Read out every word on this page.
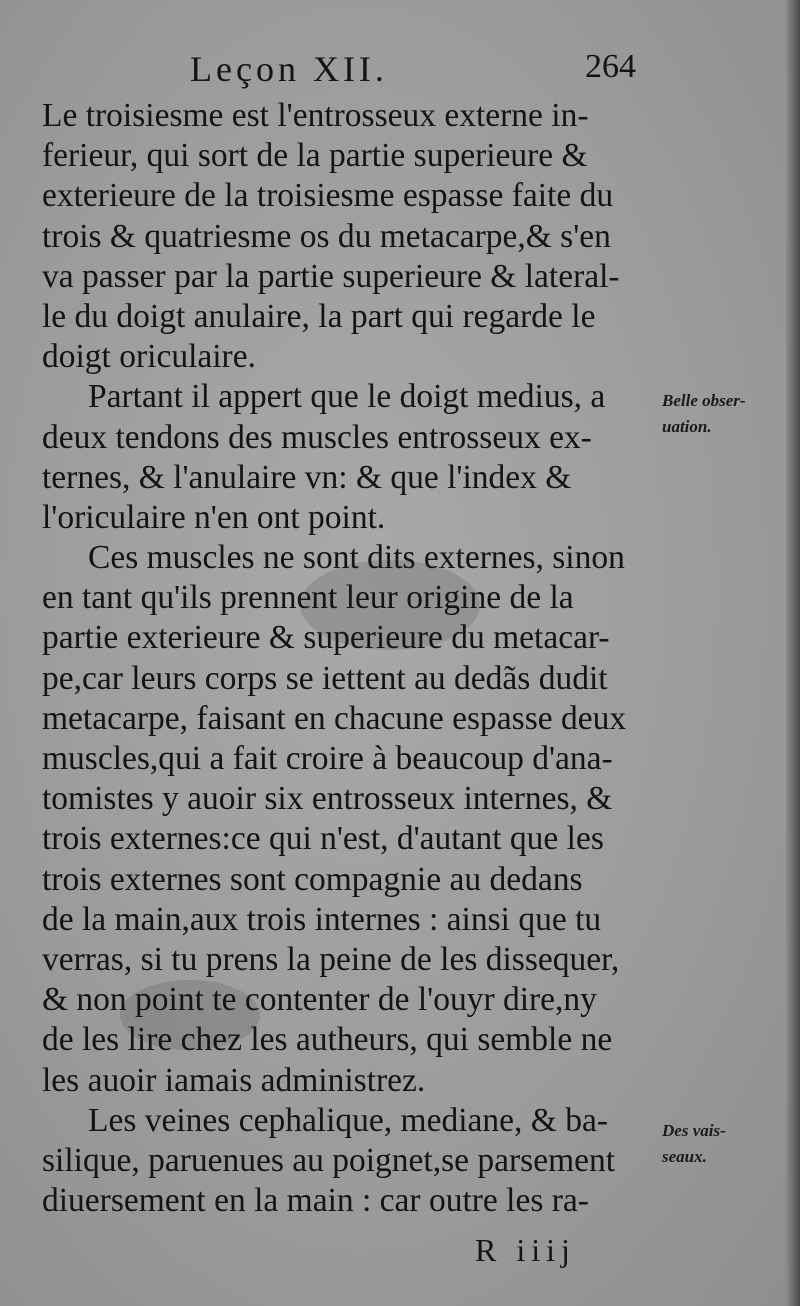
Leçon XII.	264
Le troisiesme est l'entrosseux externe in-
ferieur, qui sort de la partie superieure &
exterieure de la troisiesme espasse faite du
trois & quatriesme os du metacarpe,& s'en
va passer par la partie superieure & lateral-
le du doigt anulaire, la part qui regarde le
doigt oriculaire.
Partant il appert que le doigt medius, a
deux tendons des muscles entrosseux ex-
ternes, & l'anulaire vn: & que l'index &
l'oriculaire n'en ont point.
Ces muscles ne sont dits externes, sinon
en tant qu'ils prennent leur origine de la
partie exterieure & superieure du metacar-
pe,car leurs corps se iettent au dedãs dudit
metacarpe, faisant en chacune espasse deux
muscles,qui a fait croire à beaucoup d'ana-
tomistes y auoir six entrosseux internes, &
trois externes:ce qui n'est, d'autant que les
trois externes sont compagnie au dedans
de la main,aux trois internes : ainsi que tu
verras, si tu prens la peine de les dissequer,
& non point te contenter de l'ouyr dire,ny
de les lire chez les autheurs, qui semble ne
les auoir iamais administrez.
Les veines cephalique, mediane, & ba-
silique, paruenues au poignet,se parsement
diuersement en la main : car outre les ra-
Belle obser-
uation.
Des vais-
seaux.
R iiij
